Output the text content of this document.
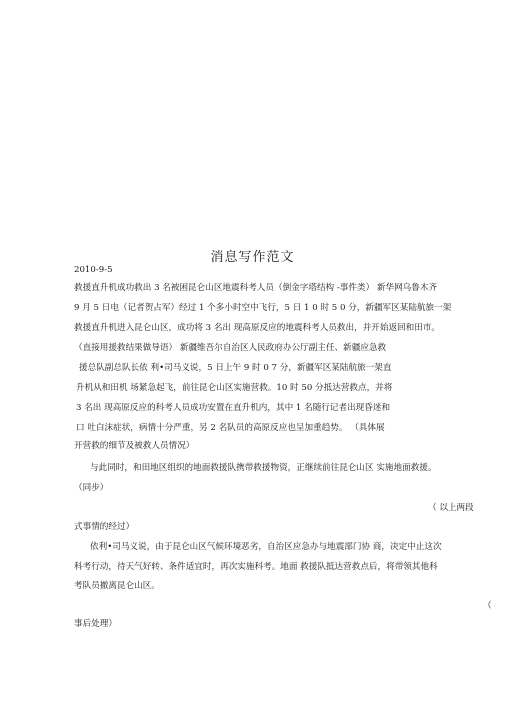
消息写作范文
2010-9-5
救援直升机成功救出 3 名被困昆仑山区地震科考人员（倒金字塔结构 -事件类） 新华网乌鲁木齐
9 月 5 日电（记者贺占军）经过 1 个多小时空中飞行，5 日 1 0 时 5 0 分，新疆军区某陆航旅一架
救援直升机进入昆仑山区，成功将 3 名出 现高原反应的地震科考人员救出，并开始返回和田市。
（直接用援救结果做导语） 新疆维吾尔自治区人民政府办公厅副主任、新疆应急救
援总队副总队长依 利•司马义说，5 日上午 9 时 0 7 分，新疆军区某陆航旅一架直
升机从和田机 场紧急起飞，前往昆仑山区实施营救。10 时 50 分抵达营救点，并将
3 名出 现高原反应的科考人员成功安置在直升机内，其中 1 名随行记者出现昏迷和
口 吐白沫症状，病情十分严重，另 2 名队员的高原反应也呈加重趋势。 （具体展
开营救的细节及被救人员情况）
与此同时，和田地区组织的地面救援队携带救援物资，正继续前往昆仑山区 实施地面救援。
（同步）
（ 以上两段
式事情的经过）
依利•司马义说，由于昆仑山区气候环境恶劣，自治区应急办与地震部门协 商，决定中止这次
科考行动，待天气好转、条件适宜时，再次实施科考。地面 救援队抵达营救点后，将带领其他科
考队员撤离昆仑山区。
（
事后处理）
